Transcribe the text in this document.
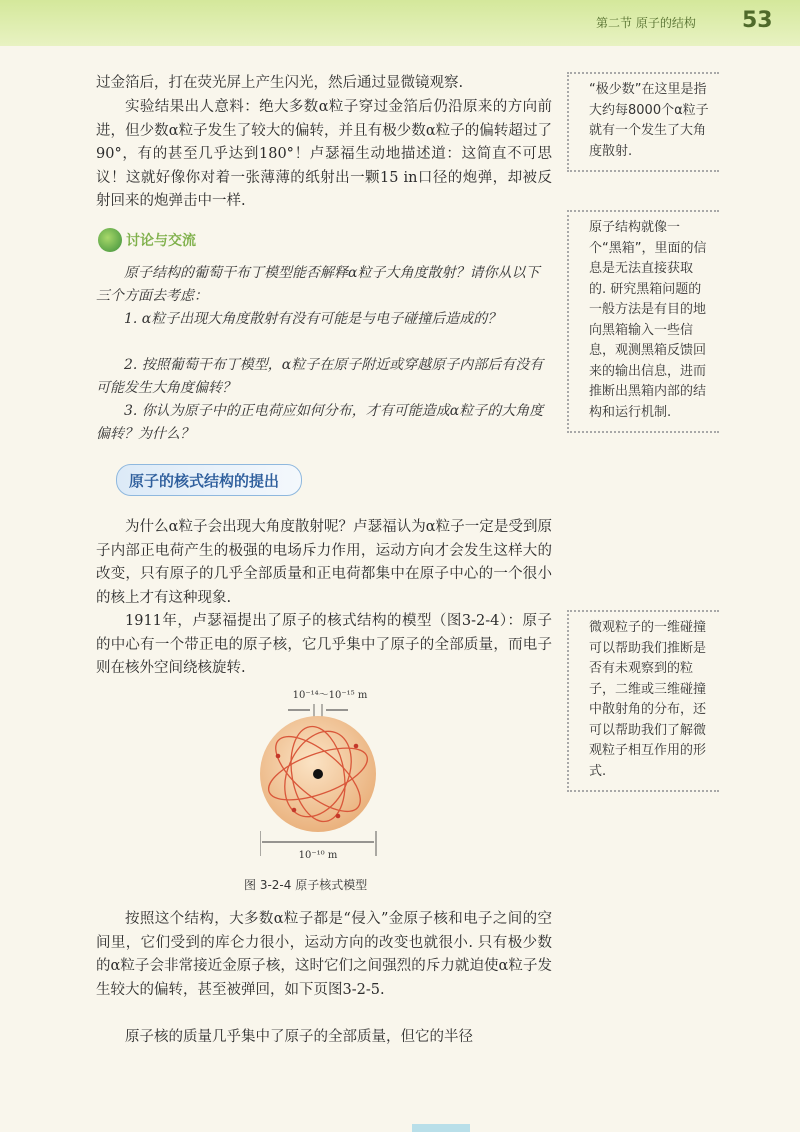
第二节 原子的结构 53
过金箔后，打在荧光屏上产生闪光，然后通过显微镜观察.
实验结果出人意料：绝大多数α粒子穿过金箔后仍沿原来的方向前进，但少数α粒子发生了较大的偏转，并且有极少数α粒子的偏转超过了90°，有的甚至几乎达到180°！卢瑟福生动地描述道：这简直不可思议！这就好像你对着一张薄薄的纸射出一颗15 in口径的炮弹，却被反射回来的炮弹击中一样.
讨论与交流
原子结构的葡萄干布丁模型能否解释α粒子大角度散射？请你从以下三个方面去考虑：
1. α粒子出现大角度散射有没有可能是与电子碰撞后造成的？
2. 按照葡萄干布丁模型，α粒子在原子附近或穿越原子内部后有没有可能发生大角度偏转？
3. 你认为原子中的正电荷应如何分布，才有可能造成α粒子的大角度偏转？为什么？
原子的核式结构的提出
为什么α粒子会出现大角度散射呢？卢瑟福认为α粒子一定是受到原子内部正电荷产生的极强的电场斥力作用，运动方向才会发生这样大的改变，只有原子的几乎全部质量和正电荷都集中在原子中心的一个很小的核上才有这种现象.
1911年，卢瑟福提出了原子的核式结构的模型（图3-2-4）：原子的中心有一个带正电的原子核，它几乎集中了原子的全部质量，而电子则在核外空间绕核旋转.
10⁻¹⁴～10⁻¹⁵ m
10⁻¹⁰ m
图 3-2-4 原子核式模型
按照这个结构，大多数α粒子都是“侵入”金原子核和电子之间的空间里，它们受到的库仑力很小，运动方向的改变也就很小. 只有极少数的α粒子会非常接近金原子核，这时它们之间强烈的斥力就迫使α粒子发生较大的偏转，甚至被弹回，如下页图3-2-5.
原子核的质量几乎集中了原子的全部质量，但它的半径
“极少数”在这里是指大约每8000个α粒子就有一个发生了大角度散射.
原子结构就像一个“黑箱”，里面的信息是无法直接获取的. 研究黑箱问题的一般方法是有目的地向黑箱输入一些信息，观测黑箱反馈回来的输出信息，进而推断出黑箱内部的结构和运行机制.
微观粒子的一维碰撞可以帮助我们推断是否有未观察到的粒子，二维或三维碰撞中散射角的分布，还可以帮助我们了解微观粒子相互作用的形式.
